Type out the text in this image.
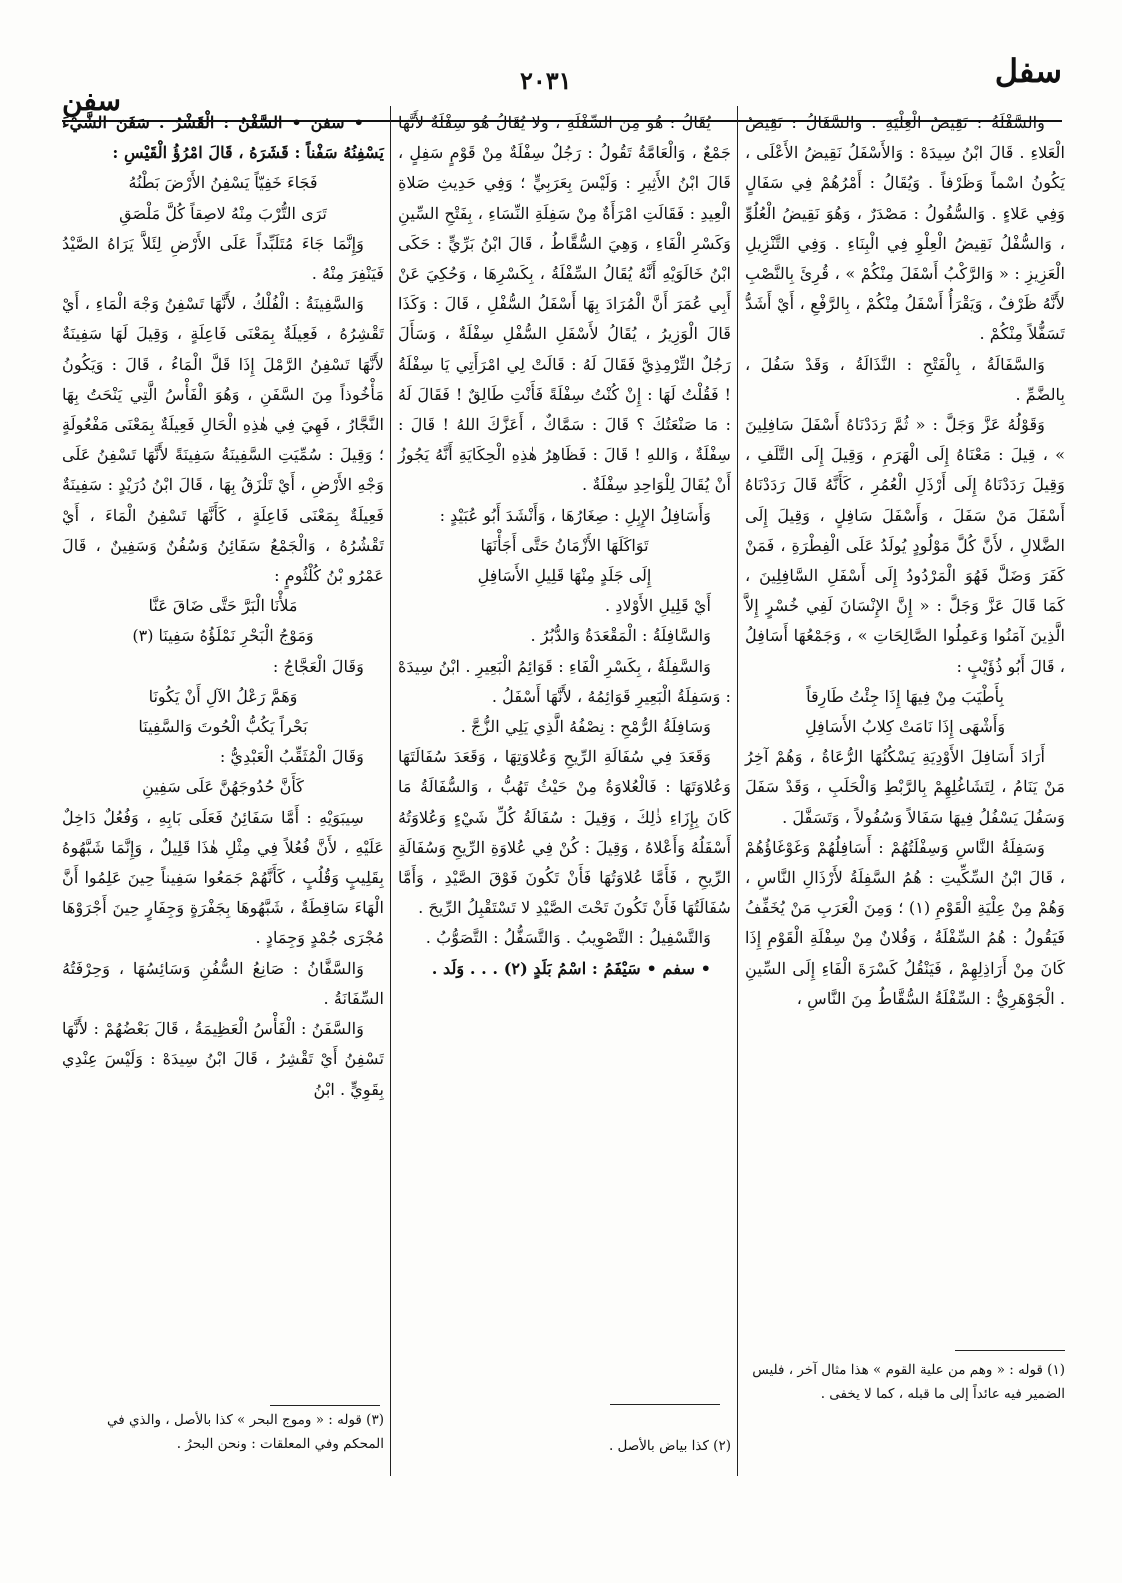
سفل
٢٠٣١
سفن

وَالسَّفْلَةُ : نَقِيضُ الْعِلْيَةِ . وَالسَّفَالُ : نَقِيضُ الْعَلاءِ . قَالَ ابْنُ سِيدَهْ : وَالأَسْفَلُ نَقِيضُ الأَعْلَى ، يَكُونُ اسْماً وَظَرْفاً . وَيُقَالُ : أَمْرُهُمْ فِي سَفَالٍ وَفِي عَلاءٍ . وَالسُّفُولُ : مَصْدَرٌ ، وَهُوَ نَقِيضُ الْعُلُوِّ ، وَالسُّفْلُ نَقِيضُ الْعِلْوِ فِي الْبِنَاءِ . وَفِي التَّنْزِيلِ الْعَزِيزِ : « وَالرَّكْبُ أَسْفَلَ مِنْكُمْ » ، قُرِئَ بِالنَّصْبِ لأَنَّهُ ظَرْفٌ ، وَيَقْرَأُ أَسْفَلُ مِنْكُمْ ، بِالرَّفْعِ ، أَيْ أَشَدُّ تَسَفُّلاً مِنْكُمْ .

وَالسَّفَالَةُ ، بِالْفَتْحِ : النَّذَالَةُ ، وَقَدْ سَفُلَ ، بِالضَّمِّ .

وَقَوْلُهُ عَزَّ وَجَلَّ : « ثُمَّ رَدَدْنَاهُ أَسْفَلَ سَافِلِينَ » ، قِيلَ : مَعْنَاهُ إِلَى الْهَرَمِ ، وَقِيلَ إِلَى التَّلَفِ ، وَقِيلَ رَدَدْنَاهُ إِلَى أَرْذَلِ الْعُمُرِ ، كَأَنَّهُ قَالَ رَدَدْنَاهُ أَسْفَلَ مَنْ سَفَلَ ، وَأَسْفَلَ سَافِلٍ ، وَقِيلَ إِلَى الضَّلالِ ، لأَنَّ كُلَّ مَوْلُودٍ يُولَدُ عَلَى الْفِطْرَةِ ، فَمَنْ كَفَرَ وَضَلَّ فَهُوَ الْمَرْدُودُ إِلَى أَسْفَلِ السَّافِلِينَ ، كَمَا قَالَ عَزَّ وَجَلَّ : « إِنَّ الإِنْسَانَ لَفِي خُسْرٍ إِلاَّ الَّذِينَ آمَنُوا وَعَمِلُوا الصَّالِحَاتِ » ، وَجَمْعُهَا أَسَافِلُ ، قَالَ أَبُو ذُؤَيْبٍ :

بِأَطْيَبَ مِنْ فِيهَا إِذَا جِئْتُ طَارِقاً
وَأَشْهَى إِذَا نَامَتْ كِلابُ الأَسَافِلِ

أَرَادَ أَسَافِلَ الأَوْدِيَةِ يَسْكُنُهَا الرُّعَاةُ ، وَهُمْ آخِرُ مَنْ يَنَامُ ، لِتَشَاغُلِهِمْ بِالرَّبْطِ وَالْحَلَبِ ، وَقَدْ سَفَلَ وَسَفُلَ يَسْفُلُ فِيهَا سَفَالاً وَسُفُولاً ، وَتَسَفَّلَ .

وَسَفِلَةُ النَّاسِ وَسِفْلَتُهُمْ : أَسَافِلُهُمْ وَغَوْغَاؤُهُمْ ، قَالَ ابْنُ السِّكِّيتِ : هُمُ السَّفِلَةُ لأَرْذَالِ النَّاسِ ، وَهُمْ مِنْ عِلْيَةِ الْقَوْمِ (١) ؛ وَمِنَ الْعَرَبِ مَنْ يُخَفِّفُ فَيَقُولُ : هُمُ السِّفْلَةُ ، وَفُلانٌ مِنْ سِفْلَةِ الْقَوْمِ إِذَا كَانَ مِنْ أَرَاذِلِهِمْ ، فَيَنْقُلُ كَسْرَةَ الْفَاءِ إِلَى السِّينِ . الْجَوْهَرِيُّ : السِّفْلَةُ السُّقَّاطُ مِنَ النَّاسِ ،

يُقَالُ : هُوَ مِنَ السِّفْلَةِ ، وَلا يُقَالُ هُوَ سِفْلَةٌ لأَنَّهَا جَمْعٌ ، وَالْعَامَّةُ تَقُولُ : رَجُلٌ سِفْلَةٌ مِنْ قَوْمٍ سَفِلٍ ، قَالَ ابْنُ الأَثِيرِ : وَلَيْسَ بِعَرَبِيٍّ ؛ وَفِي حَدِيثِ صَلاةِ الْعِيدِ : فَقَالَتِ امْرَأَةٌ مِنْ سَفِلَةِ النِّسَاءِ ، بِفَتْحِ السِّينِ وَكَسْرِ الْفَاءِ ، وَهِيَ السُّقَّاطُ ، قَالَ ابْنُ بَرِّيٍّ : حَكَى ابْنُ خَالَوَيْهِ أَنَّهُ يُقَالُ السِّفْلَةُ ، بِكَسْرِهَا ، وَحُكِيَ عَنْ أَبِي عُمَرَ أَنَّ الْمُرَادَ بِهَا أَسْفَلُ السُّفْلِ ، قَالَ : وَكَذَا قَالَ الْوَزِيرُ ، يُقَالُ لأَسْفَلِ السُّفْلِ سِفْلَةٌ ، وَسَأَلَ رَجُلٌ التِّرْمِذِيَّ فَقَالَ لَهُ : قَالَتْ لِي امْرَأَتِي يَا سِفْلَةُ ! فَقُلْتُ لَهَا : إِنْ كُنْتُ سِفْلَةً فَأَنْتِ طَالِقٌ ! فَقَالَ لَهُ : مَا صَنْعَتُكَ ؟ قَالَ : سَمَّاكٌ ، أَعَزَّكَ اللهُ ! قَالَ : سِفْلَةٌ ، وَاللهِ ! قَالَ : فَظَاهِرُ هٰذِهِ الْحِكَايَةِ أَنَّهُ يَجُوزُ أَنْ يُقَالَ لِلْوَاحِدِ سِفْلَةٌ .

وَأَسَافِلُ الإِبِلِ : صِغَارُهَا ، وَأَنْشَدَ أَبُو عُبَيْدٍ :

تَوَاكَلَهَا الأَزْمَانُ حَتَّى أَجَأْنَهَا
إِلَى جَلَدٍ مِنْهَا قَلِيلِ الأَسَافِلِ

أَيْ قَلِيلِ الأَوْلادِ .

وَالسَّافِلَةُ : الْمَقْعَدَةُ وَالدُّبُرُ .

وَالسَّفِلَةُ ، بِكَسْرِ الْفَاءِ : قَوَائِمُ الْبَعِيرِ . ابْنُ سِيدَهْ : وَسَفِلَةُ الْبَعِيرِ قَوَائِمُهُ ، لأَنَّهَا أَسْفَلُ .

وَسَافِلَةُ الرُّمْحِ : نِصْفُهُ الَّذِي يَلِي الزُّجَّ .

وَقَعَدَ فِي سُفَالَةِ الرِّيحِ وَعُلاوَتِهَا ، وَقَعَدَ سُفَالَتَهَا وَعُلاوَتَهَا : فَالْعُلاوَةُ مِنْ حَيْثُ تَهُبُّ ، وَالسُّفَالَةُ مَا كَانَ بِإِزَاءِ ذٰلِكَ ، وَقِيلَ : سُفَالَةُ كُلِّ شَيْءٍ وَعُلاوَتُهُ أَسْفَلُهُ وَأَعْلاهُ ، وَقِيلَ : كُنْ فِي عُلاوَةِ الرِّيحِ وَسُفَالَةِ الرِّيحِ ، فَأَمَّا عُلاوَتُهَا فَأَنْ تَكُونَ فَوْقَ الصَّيْدِ ، وَأَمَّا سُفَالَتُهَا فَأَنْ تَكُونَ تَحْتَ الصَّيْدِ لا تَسْتَقْبِلُ الرِّيحَ .

وَالتَّسْفِيلُ : التَّصْوِيبُ . وَالتَّسَفُّلُ : التَّصَوُّبُ .

• سفم • سَيْفَمُ : اسْمُ بَلَدٍ (٢) . . . وَلَد .

• سفن • السَّفْنُ : الْقَشْرُ . سَفَنَ الشَّيْءَ يَسْفِنُهُ سَفْناً : قَشَرَهُ ، قَالَ امْرُؤُ الْقَيْسِ :

فَجَاءَ خَفِيّاً يَسْفِنُ الأَرْضَ بَطْنُهُ
تَرَى التُّرْبَ مِنْهُ لاصِقاً كُلَّ مَلْصَقِ

وَإِنَّمَا جَاءَ مُتَلَبِّداً عَلَى الأَرْضِ لِئَلاَّ يَرَاهُ الصَّيْدُ فَيَنْفِرَ مِنْهُ .

وَالسَّفِينَةُ : الْفُلْكُ ، لأَنَّهَا تَسْفِنُ وَجْهَ الْمَاءِ ، أَيْ تَقْشِرُهُ ، فَعِيلَةٌ بِمَعْنَى فَاعِلَةٍ ، وَقِيلَ لَهَا سَفِينَةٌ لأَنَّهَا تَسْفِنُ الرَّمْلَ إِذَا قَلَّ الْمَاءُ ، قَالَ : وَيَكُونُ مَأْخُوذاً مِنَ السَّفَنِ ، وَهُوَ الْفَأْسُ الَّتِي يَنْحَتُ بِهَا النَّجَّارُ ، فَهِيَ فِي هٰذِهِ الْحَالِ فَعِيلَةٌ بِمَعْنَى مَفْعُولَةٍ ؛ وَقِيلَ : سُمِّيَتِ السَّفِينَةُ سَفِينَةً لأَنَّهَا تَسْفِنُ عَلَى وَجْهِ الأَرْضِ ، أَيْ تَلْزَقُ بِهَا ، قَالَ ابْنُ دُرَيْدٍ : سَفِينَةٌ فَعِيلَةٌ بِمَعْنَى فَاعِلَةٍ ، كَأَنَّهَا تَسْفِنُ الْمَاءَ ، أَيْ تَقْشُرُهُ ، وَالْجَمْعُ سَفَائِنُ وَسُفُنٌ وَسَفِينٌ ، قَالَ عَمْرُو بْنُ كُلْثُومٍ :

مَلأْنَا الْبَرَّ حَتَّى ضَاقَ عَنَّا
وَمَوْجُ الْبَحْرِ نَمْلَؤُهُ سَفِينَا (٣)

وَقَالَ الْعَجَّاجُ :

وَهَمَّ رَعْلُ الآلِ أَنْ يَكُونَا
بَحْراً يَكُبُّ الْحُوتَ وَالسَّفِينَا

وَقَالَ الْمُثَقِّبُ الْعَبْدِيُّ :

كَأَنَّ حُدُوجَهُنَّ عَلَى سَفِينِ

سِيبَوَيْهِ : أَمَّا سَفَائِنُ فَعَلَى بَابِهِ ، وَفُعُلٌ دَاخِلٌ عَلَيْهِ ، لأَنَّ فُعُلاً فِي مِثْلِ هٰذَا قَلِيلٌ ، وَإِنَّمَا شَبَّهُوهُ بِقَلِيبٍ وَقُلُبٍ ، كَأَنَّهُمْ جَمَعُوا سَفِيناً حِينَ عَلِمُوا أَنَّ الْهَاءَ سَاقِطَةٌ ، شَبَّهُوهَا بِجَفْرَةٍ وَجِفَارٍ حِينَ أَجْرَوْهَا مُجْرَى جُمْدٍ وَجِمَادٍ .

وَالسَّفَّانُ : صَانِعُ السُّفُنِ وَسَائِسُهَا ، وَحِرْفَتُهُ السِّفَانَةُ .

وَالسَّفَنُ : الْفَأْسُ الْعَظِيمَةُ ، قَالَ بَعْضُهُمْ : لأَنَّهَا تَسْفِنُ أَيْ تَقْشِرُ ، قَالَ ابْنُ سِيدَهْ : وَلَيْسَ عِنْدِي بِقَوِيٍّ . ابْنُ

(١) قوله : « وهم من علية القوم » هذا مثال آخر ، فليس الضمير فيه عائداً إلى ما قبله ، كما لا يخفى .
(٢) كذا بياض بالأصل .
(٣) قوله : « وموج البحر » كذا بالأصل ، والذي في المحكم وفي المعلقات : ونحن البحرُ .
